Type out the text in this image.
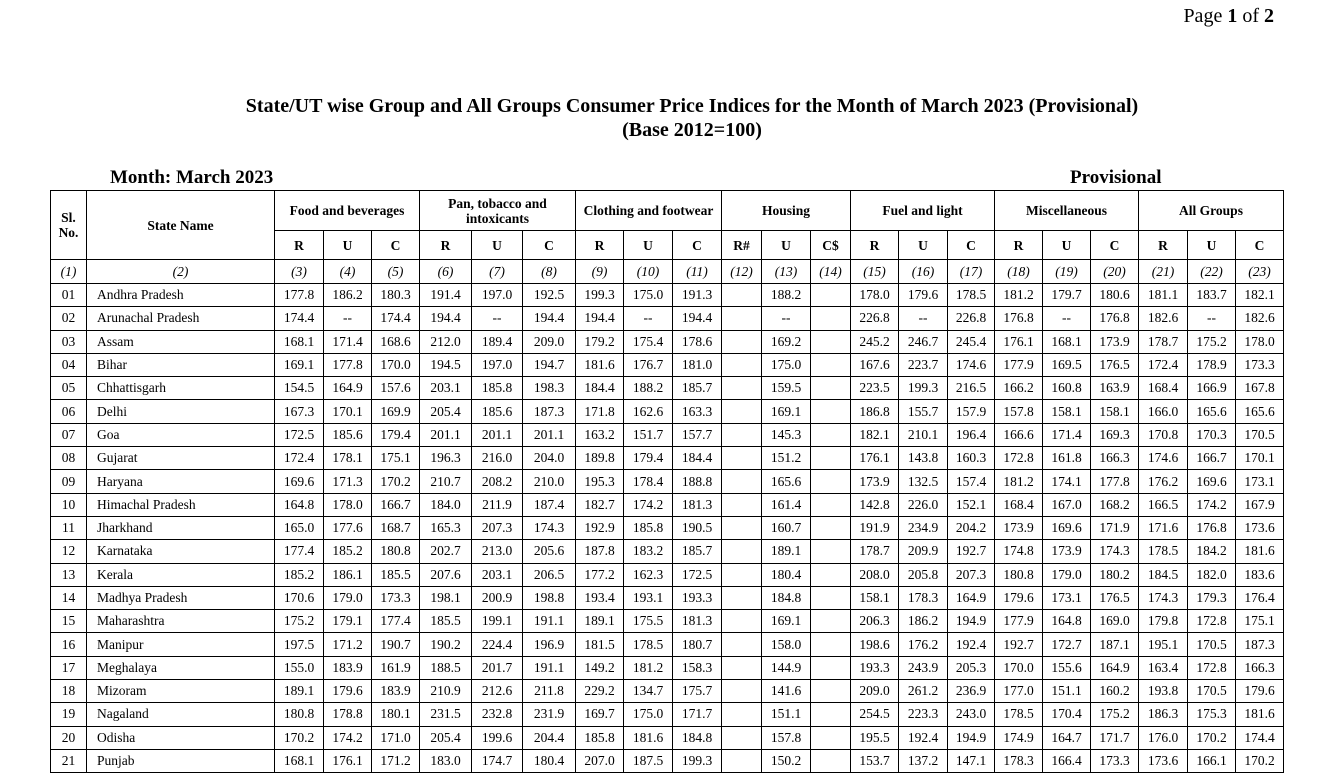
Page 1 of 2
State/UT wise Group and All Groups Consumer Price Indices for the Month of March 2023 (Provisional)
(Base 2012=100)
Month: March 2023	Provisional
Sl. No.	State Name	Food and beverages			Pan, tobacco and intoxicants			Clothing and footwear			Housing			Fuel and light			Miscellaneous			All Groups		
		R	U	C	R	U	C	R	U	C	R#	U	C$	R	U	C	R	U	C	R	U	C
(1)	(2)	(3)	(4)	(5)	(6)	(7)	(8)	(9)	(10)	(11)	(12)	(13)	(14)	(15)	(16)	(17)	(18)	(19)	(20)	(21)	(22)	(23)
01	Andhra Pradesh	177.8	186.2	180.3	191.4	197.0	192.5	199.3	175.0	191.3		188.2		178.0	179.6	178.5	181.2	179.7	180.6	181.1	183.7	182.1
02	Arunachal Pradesh	174.4	--	174.4	194.4	--	194.4	194.4	--	194.4		--		226.8	--	226.8	176.8	--	176.8	182.6	--	182.6
03	Assam	168.1	171.4	168.6	212.0	189.4	209.0	179.2	175.4	178.6		169.2		245.2	246.7	245.4	176.1	168.1	173.9	178.7	175.2	178.0
04	Bihar	169.1	177.8	170.0	194.5	197.0	194.7	181.6	176.7	181.0		175.0		167.6	223.7	174.6	177.9	169.5	176.5	172.4	178.9	173.3
05	Chhattisgarh	154.5	164.9	157.6	203.1	185.8	198.3	184.4	188.2	185.7		159.5		223.5	199.3	216.5	166.2	160.8	163.9	168.4	166.9	167.8
06	Delhi	167.3	170.1	169.9	205.4	185.6	187.3	171.8	162.6	163.3		169.1		186.8	155.7	157.9	157.8	158.1	158.1	166.0	165.6	165.6
07	Goa	172.5	185.6	179.4	201.1	201.1	201.1	163.2	151.7	157.7		145.3		182.1	210.1	196.4	166.6	171.4	169.3	170.8	170.3	170.5
08	Gujarat	172.4	178.1	175.1	196.3	216.0	204.0	189.8	179.4	184.4		151.2		176.1	143.8	160.3	172.8	161.8	166.3	174.6	166.7	170.1
09	Haryana	169.6	171.3	170.2	210.7	208.2	210.0	195.3	178.4	188.8		165.6		173.9	132.5	157.4	181.2	174.1	177.8	176.2	169.6	173.1
10	Himachal Pradesh	164.8	178.0	166.7	184.0	211.9	187.4	182.7	174.2	181.3		161.4		142.8	226.0	152.1	168.4	167.0	168.2	166.5	174.2	167.9
11	Jharkhand	165.0	177.6	168.7	165.3	207.3	174.3	192.9	185.8	190.5		160.7		191.9	234.9	204.2	173.9	169.6	171.9	171.6	176.8	173.6
12	Karnataka	177.4	185.2	180.8	202.7	213.0	205.6	187.8	183.2	185.7		189.1		178.7	209.9	192.7	174.8	173.9	174.3	178.5	184.2	181.6
13	Kerala	185.2	186.1	185.5	207.6	203.1	206.5	177.2	162.3	172.5		180.4		208.0	205.8	207.3	180.8	179.0	180.2	184.5	182.0	183.6
14	Madhya Pradesh	170.6	179.0	173.3	198.1	200.9	198.8	193.4	193.1	193.3		184.8		158.1	178.3	164.9	179.6	173.1	176.5	174.3	179.3	176.4
15	Maharashtra	175.2	179.1	177.4	185.5	199.1	191.1	189.1	175.5	181.3		169.1		206.3	186.2	194.9	177.9	164.8	169.0	179.8	172.8	175.1
16	Manipur	197.5	171.2	190.7	190.2	224.4	196.9	181.5	178.5	180.7		158.0		198.6	176.2	192.4	192.7	172.7	187.1	195.1	170.5	187.3
17	Meghalaya	155.0	183.9	161.9	188.5	201.7	191.1	149.2	181.2	158.3		144.9		193.3	243.9	205.3	170.0	155.6	164.9	163.4	172.8	166.3
18	Mizoram	189.1	179.6	183.9	210.9	212.6	211.8	229.2	134.7	175.7		141.6		209.0	261.2	236.9	177.0	151.1	160.2	193.8	170.5	179.6
19	Nagaland	180.8	178.8	180.1	231.5	232.8	231.9	169.7	175.0	171.7		151.1		254.5	223.3	243.0	178.5	170.4	175.2	186.3	175.3	181.6
20	Odisha	170.2	174.2	171.0	205.4	199.6	204.4	185.8	181.6	184.8		157.8		195.5	192.4	194.9	174.9	164.7	171.7	176.0	170.2	174.4
21	Punjab	168.1	176.1	171.2	183.0	174.7	180.4	207.0	187.5	199.3		150.2		153.7	137.2	147.1	178.3	166.4	173.3	173.6	166.1	170.2
